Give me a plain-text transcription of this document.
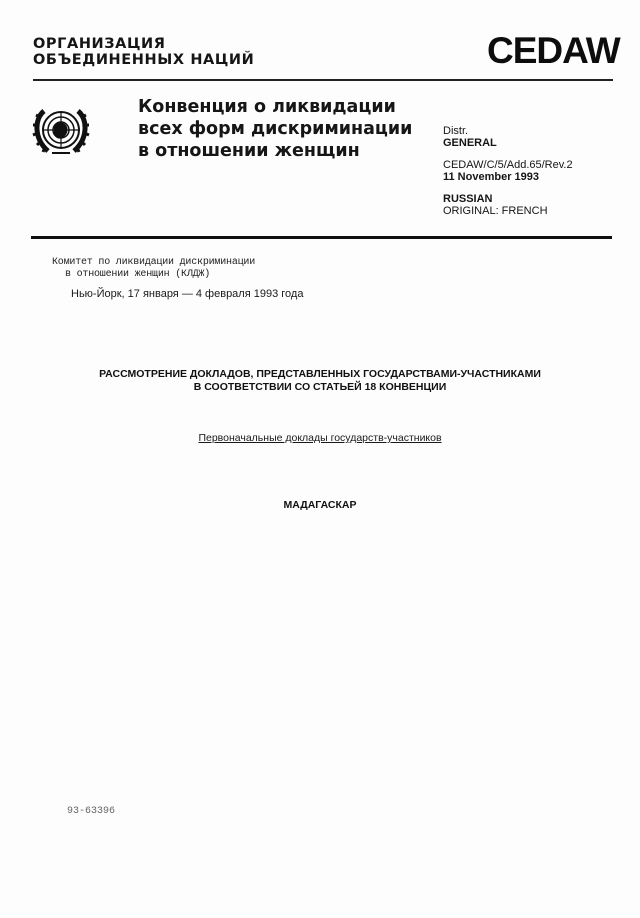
ОРГАНИЗАЦИЯ
ОБЪЕДИНЕННЫХ НАЦИЙ	CEDAW
Конвенция о ликвидации
всех форм дискриминации
в отношении женщин
Distr.
GENERAL
CEDAW/C/5/Add.65/Rev.2
11 November 1993
RUSSIAN
ORIGINAL: FRENCH
Комитет по ликвидации дискриминации
в отношении женщин (КЛДЖ)
Нью-Йорк, 17 января — 4 февраля 1993 года
РАССМОТРЕНИЕ ДОКЛАДОВ, ПРЕДСТАВЛЕННЫХ ГОСУДАРСТВАМИ-УЧАСТНИКАМИ
В СООТВЕТСТВИИ СО СТАТЬЕЙ 18 КОНВЕНЦИИ
Первоначальные доклады государств-участников
МАДАГАСКАР
93-63396
